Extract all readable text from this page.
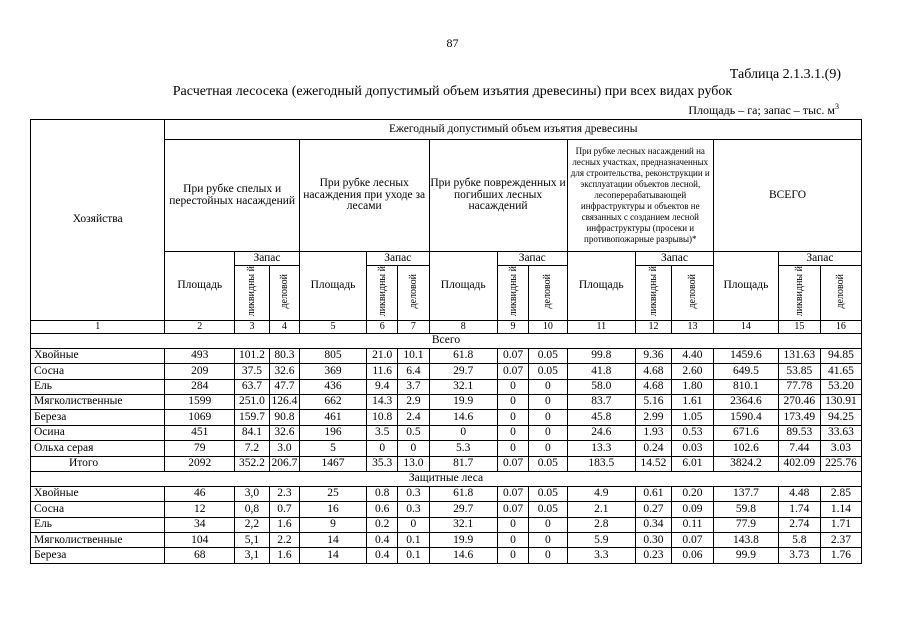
87
Таблица 2.1.3.1.(9)
Расчетная лесосека (ежегодный допустимый объем изъятия древесины) при всех видах рубок
Площадь – га; запас – тыс. $м^3$
Хозяйства	Ежегодный допустимый объем изъятия древесины														
	При рубке спелых и перестойных насаждений			При рубке лесных насаждения при уходе за лесами			При рубке поврежденных и погибших лесных насаждений			При рубке лесных насаждений на лесных участках, предназначенных для строительства, реконструкции и эксплуатации объектов лесной, лесоперерабатывающей инфраструктуры и объектов не связанных с созданием лесной инфраструктуры (просеки и противопожарные разрывы)*			ВСЕГО		
	Площадь	Запас		Площадь	Запас		Площадь	Запас		Площадь	Запас		Площадь	Запас	
		ликвидны й	деловой		ликвидны й	деловой		ликвидны й	деловой		ликвидны й	деловой		ликвидны й	деловой
1	2	3	4	5	6	7	8	9	10	11	12	13	14	15	16
Всего															
Хвойные	493	101.2	80.3	805	21.0	10.1	61.8	0.07	0.05	99.8	9.36	4.40	1459.6	131.63	94.85
Сосна	209	37.5	32.6	369	11.6	6.4	29.7	0.07	0.05	41.8	4.68	2.60	649.5	53.85	41.65
Ель	284	63.7	47.7	436	9.4	3.7	32.1	0	0	58.0	4.68	1.80	810.1	77.78	53.20
Мягколиственные	1599	251.0	126.4	662	14.3	2.9	19.9	0	0	83.7	5.16	1.61	2364.6	270.46	130.91
Береза	1069	159.7	90.8	461	10.8	2.4	14.6	0	0	45.8	2.99	1.05	1590.4	173.49	94.25
Осина	451	84.1	32.6	196	3.5	0.5	0	0	0	24.6	1.93	0.53	671.6	89.53	33.63
Ольха серая	79	7.2	3.0	5	0	0	5.3	0	0	13.3	0.24	0.03	102.6	7.44	3.03
Итого	2092	352.2	206.7	1467	35.3	13.0	81.7	0.07	0.05	183.5	14.52	6.01	3824.2	402.09	225.76
Защитные леса															
Хвойные	46	3,0	2.3	25	0.8	0.3	61.8	0.07	0.05	4.9	0.61	0.20	137.7	4.48	2.85
Сосна	12	0,8	0.7	16	0.6	0.3	29.7	0.07	0.05	2.1	0.27	0.09	59.8	1.74	1.14
Ель	34	2,2	1.6	9	0.2	0	32.1	0	0	2.8	0.34	0.11	77.9	2.74	1.71
Мягколиственные	104	5,1	2.2	14	0.4	0.1	19.9	0	0	5.9	0.30	0.07	143.8	5.8	2.37
Береза	68	3,1	1.6	14	0.4	0.1	14.6	0	0	3.3	0.23	0.06	99.9	3.73	1.76
